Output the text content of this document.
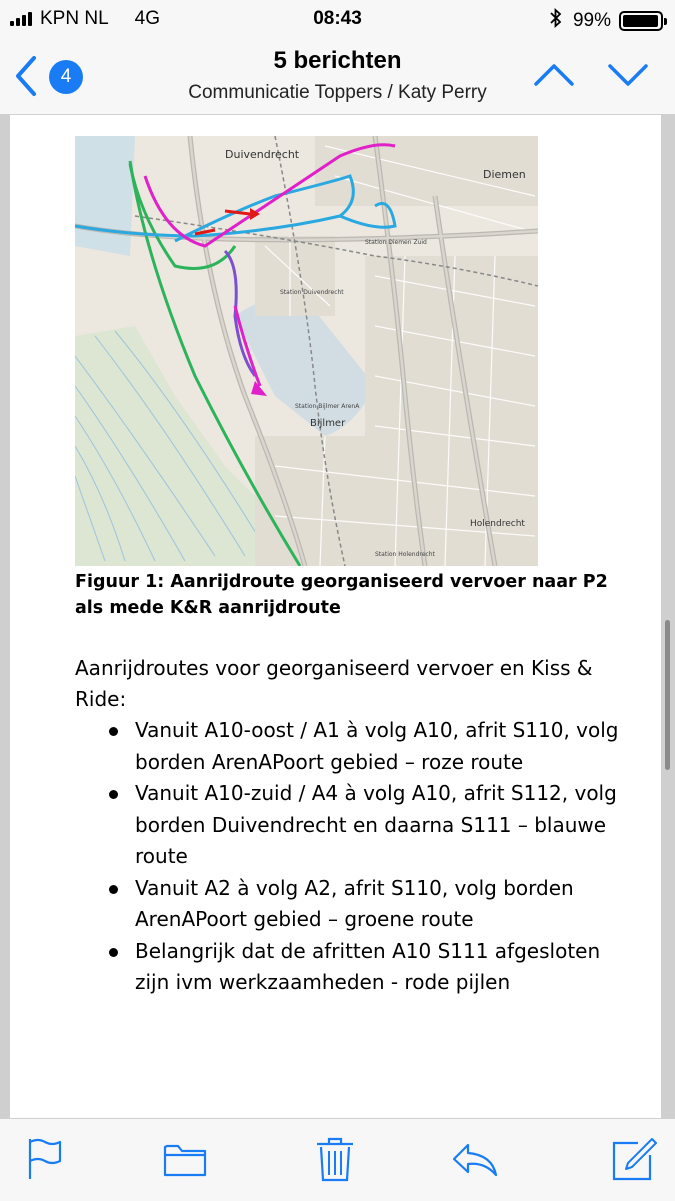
KPN NL 4G	08:43	99%
4
5 berichten
Communicatie Toppers / Katy Perry
Duivendrecht
Diemen
Bijlmer
Holendrecht
Station Duivendrecht
Station Diemen Zuid
Station Bijlmer ArenA
Station Holendrecht
Figuur 1: Aanrijdroute georganiseerd vervoer naar P2 als mede K&R aanrijdroute
Aanrijdroutes voor georganiseerd vervoer en Kiss & Ride:
Vanuit A10-oost / A1 à volg A10, afrit S110, volg borden ArenAPoort gebied – roze route
Vanuit A10-zuid / A4 à volg A10, afrit S112, volg borden Duivendrecht en daarna S111 – blauwe route
Vanuit A2 à volg A2, afrit S110, volg borden ArenAPoort gebied – groene route
Belangrijk dat de afritten A10 S111 afgesloten zijn ivm werkzaamheden - rode pijlen
